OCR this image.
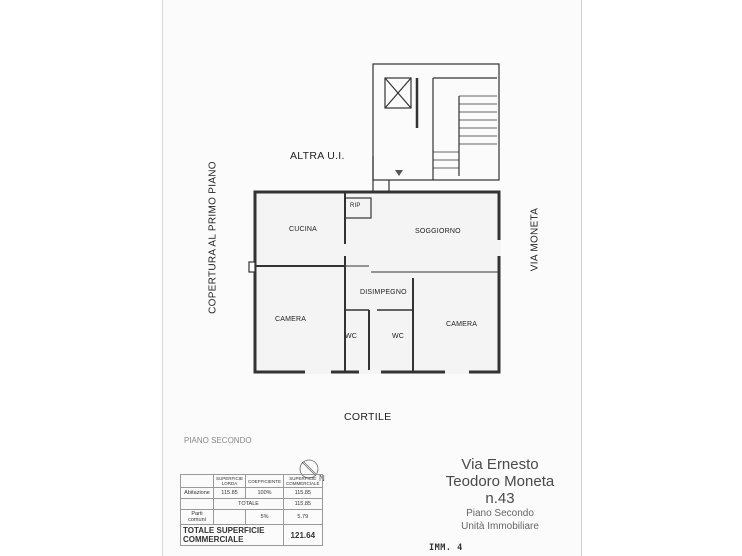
CUCINA
RIP
SOGGIORNO
DISIMPEGNO
CAMERA
WC	WC
CAMERA
ALTRA U.I.
CORTILE
COPERTURA AL PRIMO PIANO	VIA MONETA
PIANO SECONDO
N
	SUPERFICIE LORDA	COEFFICIENTE	SUPERFICIE COMMERCIALE
Abitazione	115.85	100%	115.85
	TOTALE		115.85
Parti comuni		5%	5.79
TOTALE SUPERFICIE COMMERCIALE			121.64
Via Ernesto
Teodoro Moneta
n.43
Piano Secondo
Unità Immobiliare
IMM. 4
